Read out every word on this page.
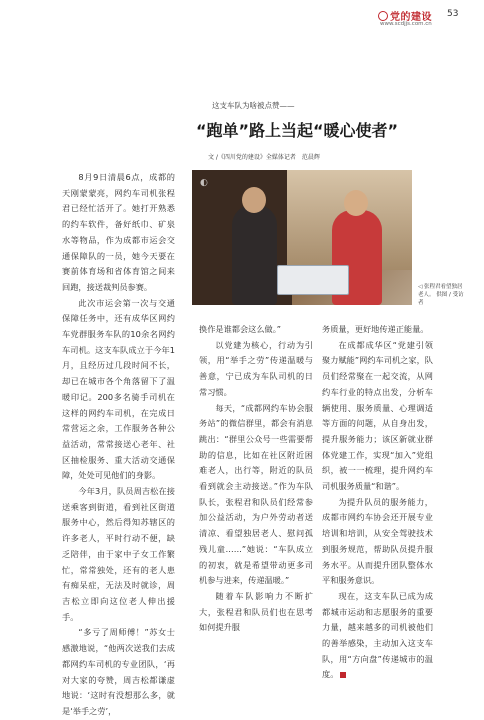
党的建设
www.scdjjs.com.cn
53
这支车队为啥被点赞——
“跑单”路上当起“暖心使者”
文 /《四川党的建设》全媒体记者　范晨辉
◐
◁ 张程君看望独居老人。 供图 / 受访者

8月9日清晨6点，成都的天刚蒙蒙亮，网约车司机张程君已经忙活开了。她打开熟悉的约车软件，备好纸巾、矿泉水等物品，作为成都市运会交通保障队的一员，她今天要在赛前体育场和省体育馆之间来回跑，接送裁判员参赛。

此次市运会第一次与交通保障任务中，还有成华区网约车党群服务车队的10余名网约车司机。这支车队成立于今年1月，且经历过几段时间不长，却已在城市各个角落留下了温暖印记。200多名骑手司机在这样的网约车司机，在完成日常营运之余，工作服务各种公益活动，常常接送心老年、社区抽检服务、重大活动交通保障，处处可见他们的身影。

今年3月，队员周吉松在接送乘客到街道，看到社区街道服务中心，然后得知苏辖区的许多老人，平时行动不便，缺乏陪伴，由于家中子女工作繁忙，常常独处，还有的老人患有痴呆症，无法及时就诊，周吉松立即向这位老人伸出援手。

“多亏了周师傅！”苏女士感激地说，“他两次送我们去成都网约车司机的专业团队，‘再对大家的夸赞，周吉松都谦虚地说：‘这时有没想那么多，就是‘举手之劳’，

换作是谁都会这么做。”

以党建为核心，行动为引领，用“举手之劳”传递温暖与善意，宁已成为车队司机的日常习惯。

每天，“成都网约车协会服务站”的微信群里，都会有消息跳出：“群里公众号一些需要帮助的信息，比如在社区附近困难老人，出行等，附近的队员看到就会主动接送。”作为车队队长，张程君和队员们经常参加公益活动，为户外劳动者送清凉、看望独居老人、慰问孤残儿童……”她说：“车队成立的初衷，就是希望带动更多司机参与进来，传递温暖。”

随着车队影响力不断扩大，张程君和队员们也在思考如何提升服

务质量，更好地传递正能量。

在成都成华区“党建引领 聚力赋能”网约车司机之家，队员们经常聚在一起交流，从网约车行业的特点出发，分析车辆使用、服务质量、心理调适等方面的问题，从自身出发，提升服务能力；该区新就业群体党建工作，实现“加入”党组织，被一一梳理，提升网约车司机服务质量“和谐”。

为提升队员的服务能力，成都市网约车协会还开展专业培训和培训，从安全驾驶技术到服务规范，帮助队员提升服务水平。从而提升团队整体水平和服务意识。

现在，这支车队已成为成都城市运动和志愿服务的重要力量，越来越多的司机被他们的善举感染，主动加入这支车队，用“方向盘”传递城市的温度。
